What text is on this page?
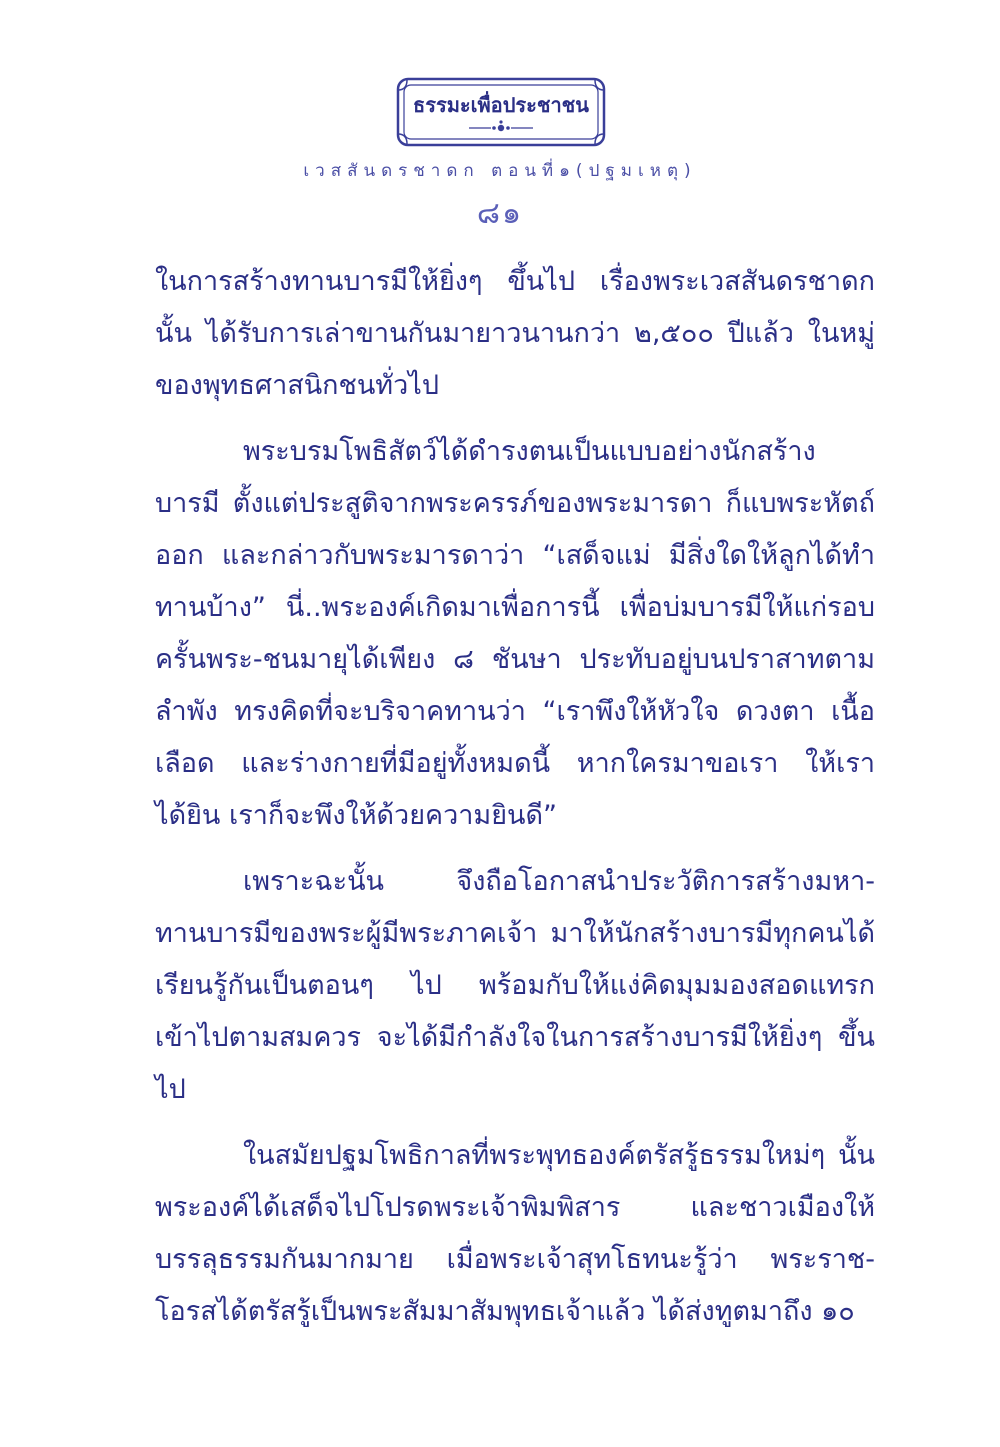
ธรรมะเพื่อประชาชน
เวสสันดรชาดก ตอนที่๑(ปฐมเหตุ)
๘๑

ในการสร้างทานบารมีให้ยิ่งๆ ขึ้นไป เรื่องพระเวสสันดรชาดกนั้น ได้รับการเล่าขานกันมายาวนานกว่า ๒,๕๐๐ ปีแล้ว ในหมู่ของพุทธศาสนิกชนทั่วไป

พระบรมโพธิสัตว์ได้ดำรงตนเป็นแบบอย่างนักสร้างบารมี ตั้งแต่ประสูติจากพระครรภ์ของพระมารดา ก็แบพระหัตถ์ออก และกล่าวกับพระมารดาว่า “เสด็จแม่ มีสิ่งใดให้ลูกได้ทำทานบ้าง” นี่..พระองค์เกิดมาเพื่อการนี้ เพื่อบ่มบารมีให้แก่รอบ ครั้นพระ-ชนมายุได้เพียง ๘ ชันษา ประทับอยู่บนปราสาทตามลำพัง ทรงคิดที่จะบริจาคทานว่า “เราพึงให้หัวใจ ดวงตา เนื้อ เลือด และร่างกายที่มีอยู่ทั้งหมดนี้ หากใครมาขอเรา ให้เราได้ยิน เราก็จะพึงให้ด้วยความยินดี”

เพราะฉะนั้น จึงถือโอกาสนำประวัติการสร้างมหา-ทานบารมีของพระผู้มีพระภาคเจ้า มาให้นักสร้างบารมีทุกคนได้เรียนรู้กันเป็นตอนๆ ไป พร้อมกับให้แง่คิดมุมมองสอดแทรกเข้าไปตามสมควร จะได้มีกำลังใจในการสร้างบารมีให้ยิ่งๆ ขึ้นไป

ในสมัยปฐมโพธิกาลที่พระพุทธองค์ตรัสรู้ธรรมใหม่ๆ นั้น พระองค์ได้เสด็จไปโปรดพระเจ้าพิมพิสาร และชาวเมืองให้บรรลุธรรมกันมากมาย เมื่อพระเจ้าสุทโธทนะรู้ว่า พระราช-โอรสได้ตรัสรู้เป็นพระสัมมาสัมพุทธเจ้าแล้ว ได้ส่งทูตมาถึง ๑๐
